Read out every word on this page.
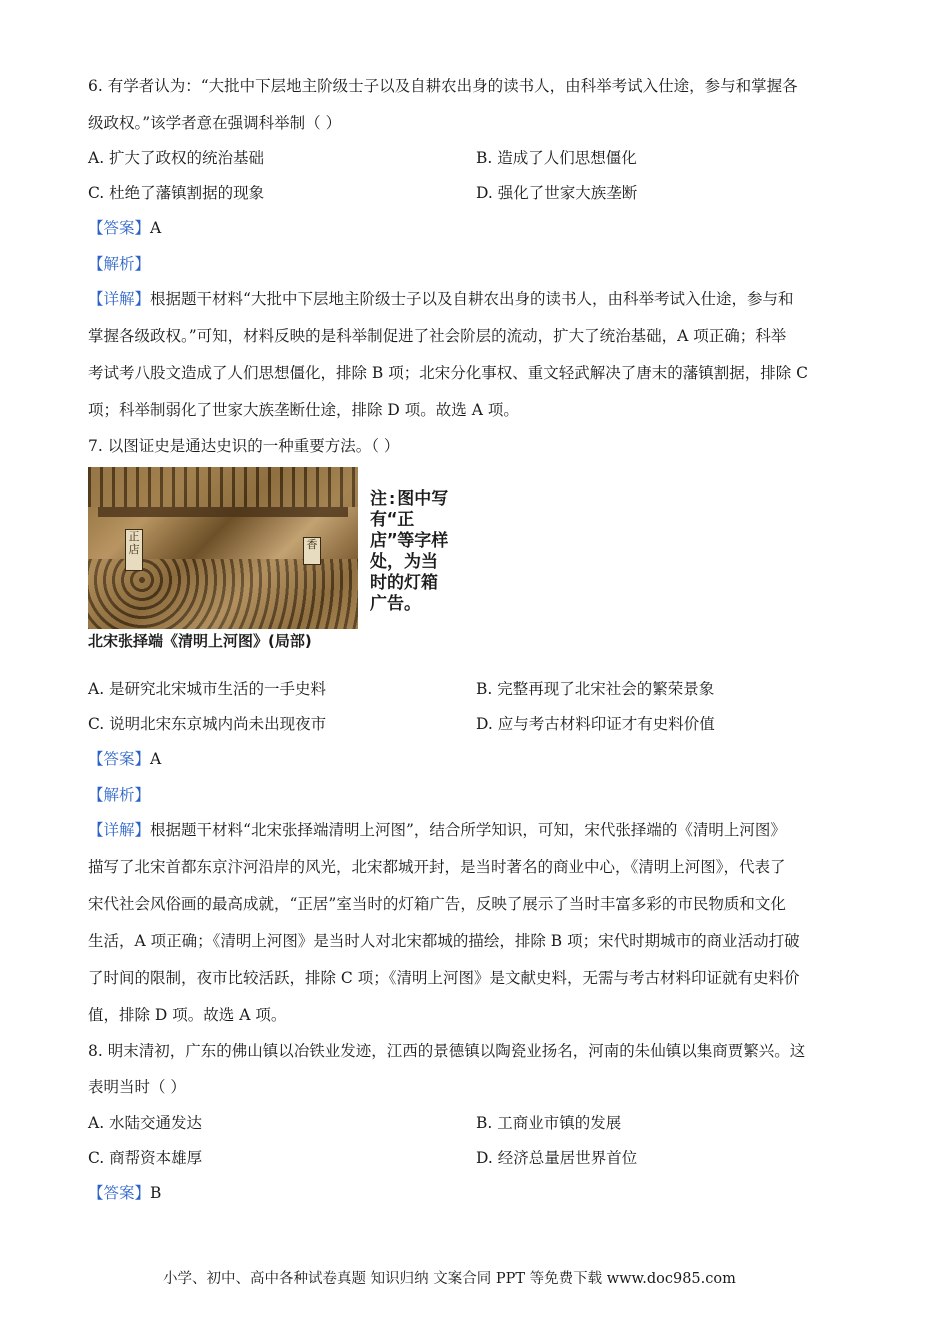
6. 有学者认为：“大批中下层地主阶级士子以及自耕农出身的读书人，由科举考试入仕途，参与和掌握各
级政权。”该学者意在强调科举制（ ）
A. 扩大了政权的统治基础	B. 造成了人们思想僵化
C. 杜绝了藩镇割据的现象	D. 强化了世家大族垄断
【答案】A
【解析】
【详解】根据题干材料“大批中下层地主阶级士子以及自耕农出身的读书人，由科举考试入仕途，参与和
掌握各级政权。”可知，材料反映的是科举制促进了社会阶层的流动，扩大了统治基础，A 项正确；科举
考试考八股文造成了人们思想僵化，排除 B 项；北宋分化事权、重文轻武解决了唐末的藩镇割据，排除 C
项；科举制弱化了世家大族垄断仕途，排除 D 项。故选 A 项。
7. 以图证史是通达史识的一种重要方法。（ ）
正店	香
北宋张择端《清明上河图》(局部)
注:图中写有“正店”等字样处，为当时的灯箱广告。
A. 是研究北宋城市生活的一手史料	B. 完整再现了北宋社会的繁荣景象
C. 说明北宋东京城内尚未出现夜市	D. 应与考古材料印证才有史料价值
【答案】A
【解析】
【详解】根据题干材料“北宋张择端清明上河图”，结合所学知识，可知，宋代张择端的《清明上河图》
描写了北宋首都东京汴河沿岸的风光，北宋都城开封，是当时著名的商业中心，《清明上河图》，代表了
宋代社会风俗画的最高成就，“正居”室当时的灯箱广告，反映了展示了当时丰富多彩的市民物质和文化
生活，A 项正确；《清明上河图》是当时人对北宋都城的描绘，排除 B 项；宋代时期城市的商业活动打破
了时间的限制，夜市比较活跃，排除 C 项；《清明上河图》是文献史料，无需与考古材料印证就有史料价
值，排除 D 项。故选 A 项。
8. 明末清初，广东的佛山镇以冶铁业发迹，江西的景德镇以陶瓷业扬名，河南的朱仙镇以集商贾繁兴。这
表明当时（ ）
A. 水陆交通发达	B. 工商业市镇的发展
C. 商帮资本雄厚	D. 经济总量居世界首位
【答案】B
小学、初中、高中各种试卷真题 知识归纳 文案合同 PPT 等免费下载 www.doc985.com
